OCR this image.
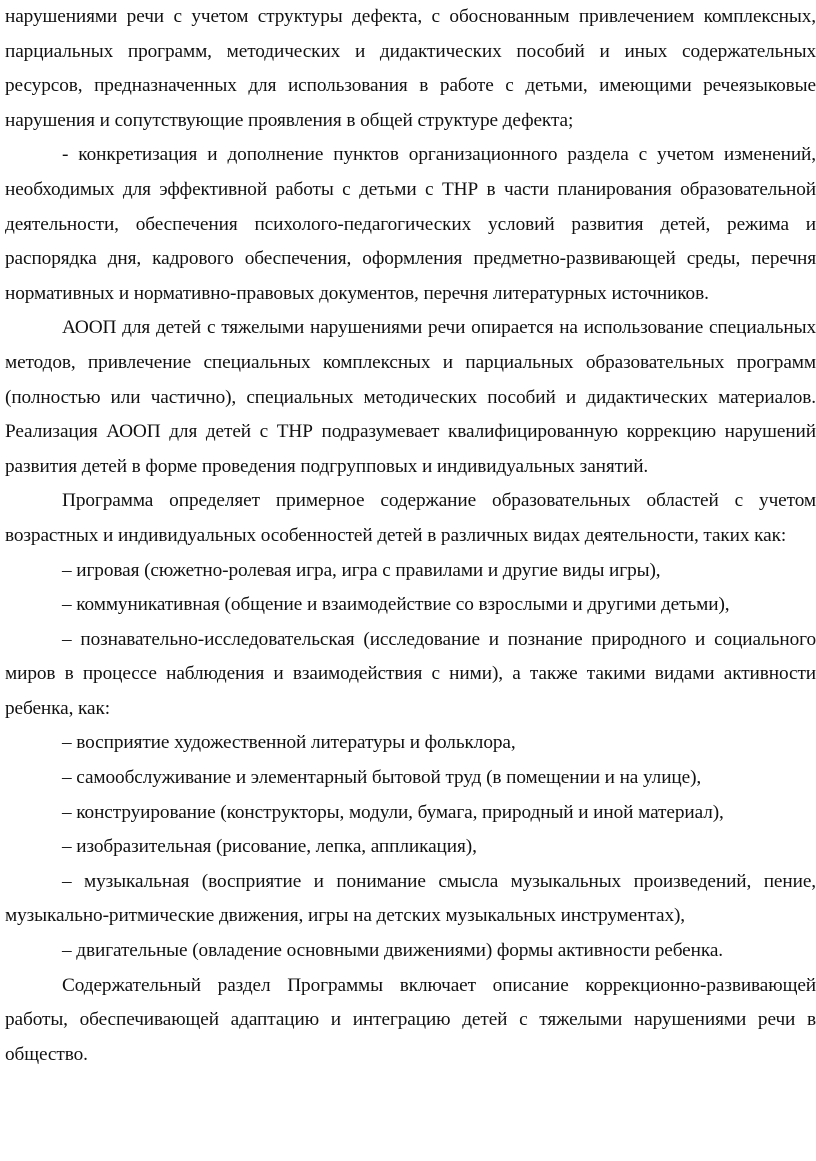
нарушениями речи с учетом структуры дефекта, с обоснованным привлечением комплексных, парциальных программ, методических и дидактических пособий и иных содержательных ресурсов, предназначенных для использования в работе с детьми, имеющими речеязыковые нарушения и сопутствующие проявления в общей структуре дефекта;

- конкретизация и дополнение пунктов организационного раздела с учетом изменений, необходимых для эффективной работы с детьми с ТНР в части планирования образовательной деятельности, обеспечения психолого-педагогических условий развития детей, режима и распорядка дня, кадрового обеспечения, оформления предметно-развивающей среды, перечня нормативных и нормативно-правовых документов, перечня литературных источников.

АООП для детей с тяжелыми нарушениями речи опирается на использование специальных методов, привлечение специальных комплексных и парциальных образовательных программ (полностью или частично), специальных методических пособий и дидактических материалов. Реализация АООП для детей с ТНР подразумевает квалифицированную коррекцию нарушений развития детей в форме проведения подгрупповых и индивидуальных занятий.

Программа определяет примерное содержание образовательных областей с учетом возрастных и индивидуальных особенностей детей в различных видах деятельности, таких как:

– игровая (сюжетно-ролевая игра, игра с правилами и другие виды игры),

– коммуникативная (общение и взаимодействие со взрослыми и другими детьми),

– познавательно-исследовательская (исследование и познание природного и социального миров в процессе наблюдения и взаимодействия с ними), а также такими видами активности ребенка, как:

– восприятие художественной литературы и фольклора,

– самообслуживание и элементарный бытовой труд (в помещении и на улице),

– конструирование (конструкторы, модули, бумага, природный и иной материал),

– изобразительная (рисование, лепка, аппликация),

– музыкальная (восприятие и понимание смысла музыкальных произведений, пение, музыкально-ритмические движения, игры на детских музыкальных инструментах),

– двигательные (овладение основными движениями) формы активности ребенка.

Содержательный раздел Программы включает описание коррекционно-развивающей работы, обеспечивающей адаптацию и интеграцию детей с тяжелыми нарушениями речи в общество.
